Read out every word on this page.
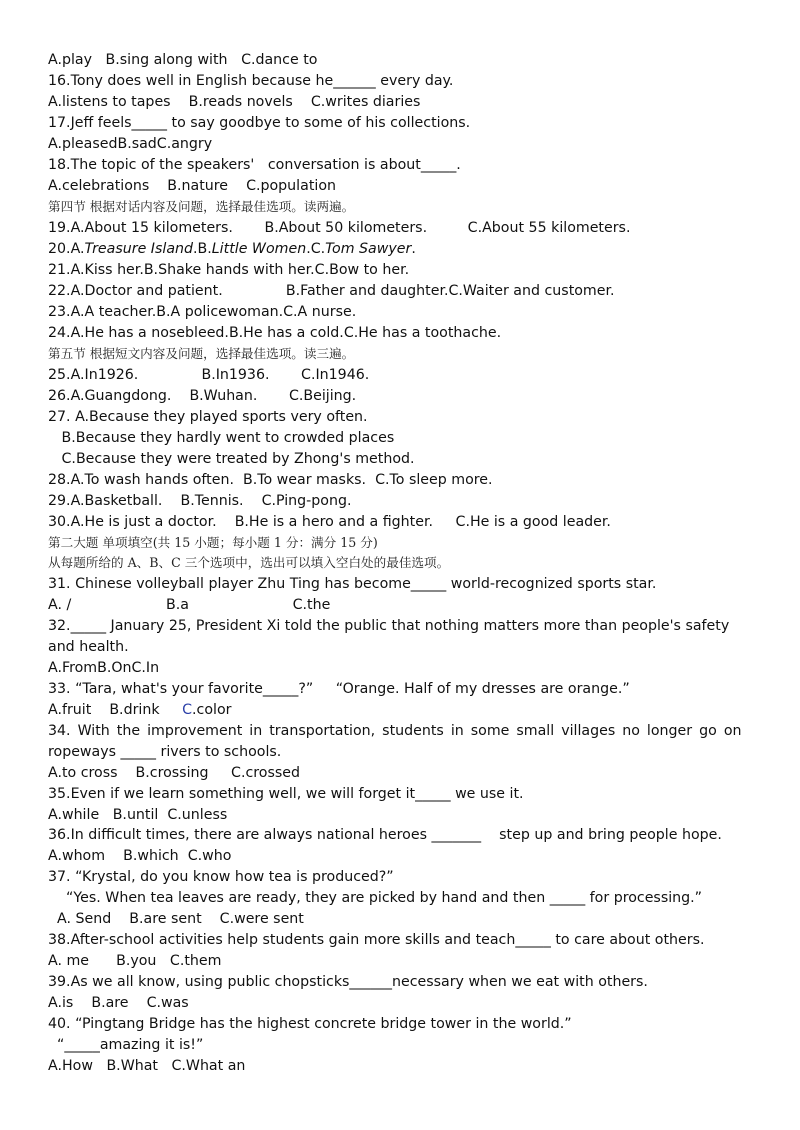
A.play   B.sing along with   C.dance to
16.Tony does well in English because he______ every day.
A.listens to tapes    B.reads novels    C.writes diaries
17.Jeff feels_____ to say goodbye to some of his collections.
A.pleasedB.sadC.angry
18.The topic of the speakers'   conversation is about_____.
A.celebrations    B.nature    C.population
第四节 根据对话内容及问题，选择最佳选项。读两遍。
19.A.About 15 kilometers.       B.About 50 kilometers.         C.About 55 kilometers.
20.A.Treasure Island.B.Little Women.C.Tom Sawyer.
21.A.Kiss her.B.Shake hands with her.C.Bow to her.
22.A.Doctor and patient.              B.Father and daughter.C.Waiter and customer.
23.A.A teacher.B.A policewoman.C.A nurse.
24.A.He has a nosebleed.B.He has a cold.C.He has a toothache.
第五节 根据短文内容及问题，选择最佳选项。读三遍。
25.A.In1926.              B.In1936.       C.In1946.
26.A.Guangdong.    B.Wuhan.       C.Beijing.
27. A.Because they played sports very often.
B.Because they hardly went to crowded places
C.Because they were treated by Zhong's method.
28.A.To wash hands often.  B.To wear masks.  C.To sleep more.
29.A.Basketball.    B.Tennis.    C.Ping-pong.
30.A.He is just a doctor.    B.He is a hero and a fighter.     C.He is a good leader.
第二大题 单项填空(共 15 小题；每小题 1 分：满分 15 分)
从每题所给的 A、B、C 三个选项中，选出可以填入空白处的最佳选项。
31. Chinese volleyball player Zhu Ting has become_____ world-recognized sports star.
A. /                     B.a                       C.the
32._____ January 25, President Xi told the public that nothing matters more than people's safety
and health.
A.FromB.OnC.In
33. “Tara, what's your favorite_____?”     “Orange. Half of my dresses are orange.”
A.fruit    B.drink     C.color
34. With the improvement in transportation, students in some small villages no longer go on
ropeways _____ rivers to schools.
A.to cross    B.crossing     C.crossed
35.Even if we learn something well, we will forget it_____ we use it.
A.while   B.until  C.unless
36.In difficult times, there are always national heroes _______    step up and bring people hope.
A.whom    B.which  C.who
37. “Krystal, do you know how tea is produced?”
“Yes. When tea leaves are ready, they are picked by hand and then _____ for processing.”
A. Send    B.are sent    C.were sent
38.After-school activities help students gain more skills and teach_____ to care about others.
A. me      B.you   C.them
39.As we all know, using public chopsticks______necessary when we eat with others.
A.is    B.are    C.was
40. “Pingtang Bridge has the highest concrete bridge tower in the world.”
“_____amazing it is!”
A.How   B.What   C.What an
